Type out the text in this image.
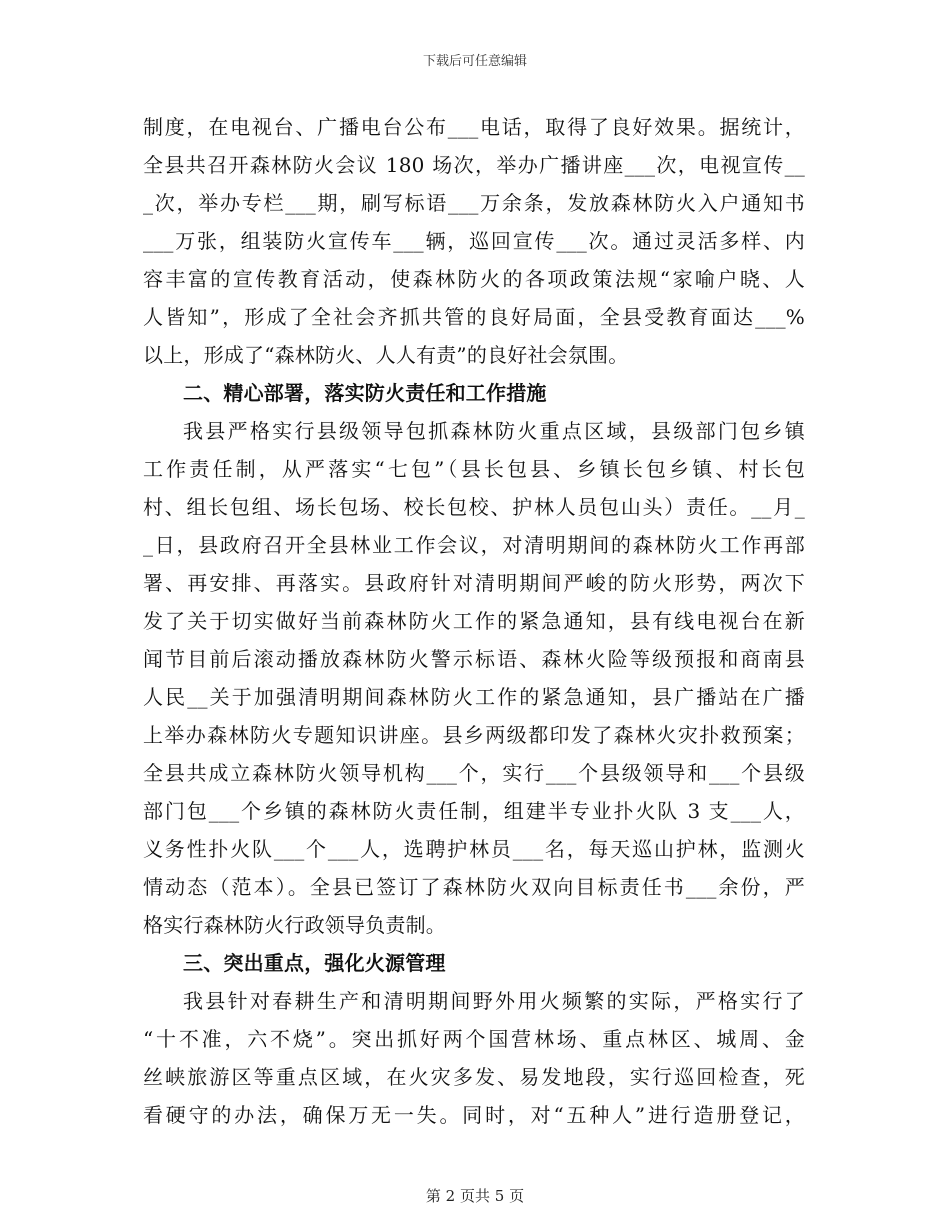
下载后可任意编辑
制度，在电视台、广播电台公布___电话，取得了良好效果。据统计，
全县共召开森林防火会议 180 场次，举办广播讲座___次，电视宣传__
_次，举办专栏___期，刷写标语___万余条，发放森林防火入户通知书
___万张，组装防火宣传车___辆，巡回宣传___次。通过灵活多样、内
容丰富的宣传教育活动，使森林防火的各项政策法规“家喻户晓、人
人皆知”，形成了全社会齐抓共管的良好局面，全县受教育面达___%
以上，形成了“森林防火、人人有责”的良好社会氛围。
二、精心部署，落实防火责任和工作措施
我县严格实行县级领导包抓森林防火重点区域，县级部门包乡镇
工作责任制，从严落实“七包”（县长包县、乡镇长包乡镇、村长包
村、组长包组、场长包场、校长包校、护林人员包山头）责任。__月_
_日，县政府召开全县林业工作会议，对清明期间的森林防火工作再部
署、再安排、再落实。县政府针对清明期间严峻的防火形势，两次下
发了关于切实做好当前森林防火工作的紧急通知，县有线电视台在新
闻节目前后滚动播放森林防火警示标语、森林火险等级预报和商南县
人民__关于加强清明期间森林防火工作的紧急通知，县广播站在广播
上举办森林防火专题知识讲座。县乡两级都印发了森林火灾扑救预案；
全县共成立森林防火领导机构___个，实行___个县级领导和___个县级
部门包___个乡镇的森林防火责任制，组建半专业扑火队 3 支___人，
义务性扑火队___个___人，选聘护林员___名，每天巡山护林，监测火
情动态（范本）。全县已签订了森林防火双向目标责任书___余份，严
格实行森林防火行政领导负责制。
三、突出重点，强化火源管理
我县针对春耕生产和清明期间野外用火频繁的实际，严格实行了
“十不准，六不烧”。突出抓好两个国营林场、重点林区、城周、金
丝峡旅游区等重点区域，在火灾多发、易发地段，实行巡回检查，死
看硬守的办法，确保万无一失。同时，对“五种人”进行造册登记，
第 2 页共 5 页
